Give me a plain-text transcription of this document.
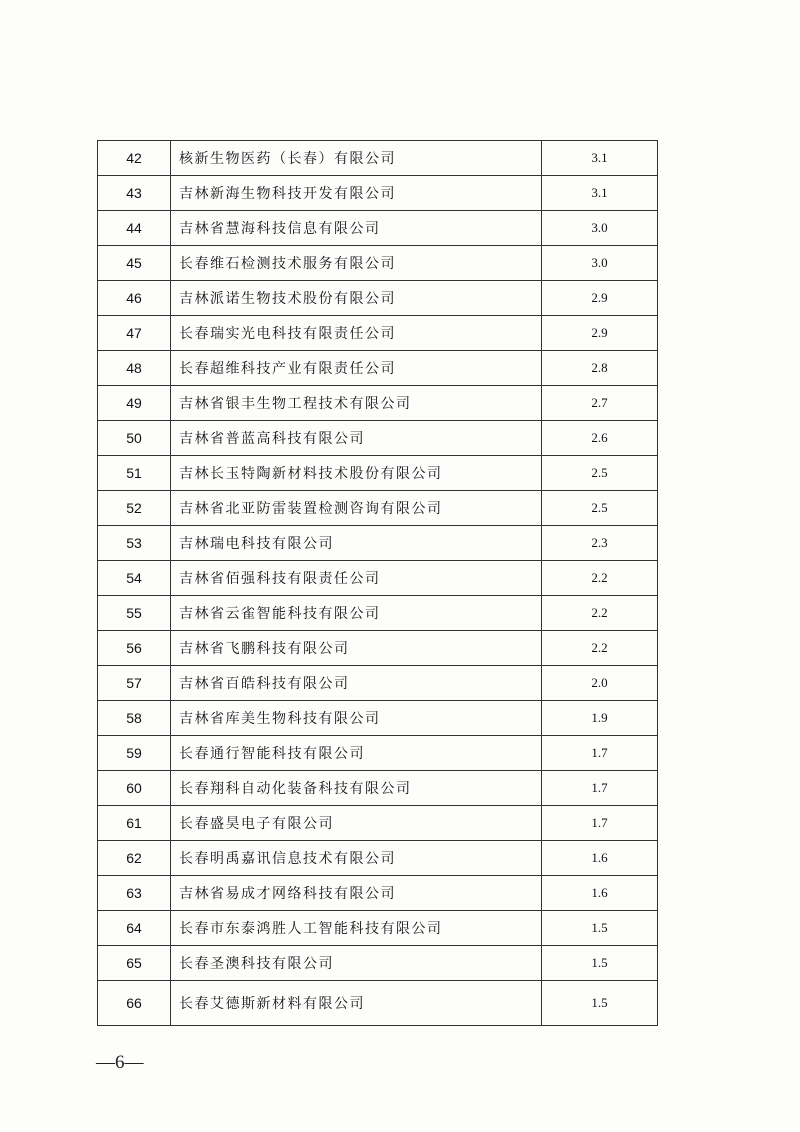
42	核新生物医药（长春）有限公司	3.1
43	吉林新海生物科技开发有限公司	3.1
44	吉林省慧海科技信息有限公司	3.0
45	长春维石检测技术服务有限公司	3.0
46	吉林派诺生物技术股份有限公司	2.9
47	长春瑞实光电科技有限责任公司	2.9
48	长春超维科技产业有限责任公司	2.8
49	吉林省银丰生物工程技术有限公司	2.7
50	吉林省普蓝高科技有限公司	2.6
51	吉林长玉特陶新材料技术股份有限公司	2.5
52	吉林省北亚防雷装置检测咨询有限公司	2.5
53	吉林瑞电科技有限公司	2.3
54	吉林省佰强科技有限责任公司	2.2
55	吉林省云雀智能科技有限公司	2.2
56	吉林省飞鹏科技有限公司	2.2
57	吉林省百皓科技有限公司	2.0
58	吉林省库美生物科技有限公司	1.9
59	长春通行智能科技有限公司	1.7
60	长春翔科自动化装备科技有限公司	1.7
61	长春盛昊电子有限公司	1.7
62	长春明禹嘉讯信息技术有限公司	1.6
63	吉林省易成才网络科技有限公司	1.6
64	长春市东泰鸿胜人工智能科技有限公司	1.5
65	长春圣澳科技有限公司	1.5
66	长春艾德斯新材料有限公司	1.5
—6—
